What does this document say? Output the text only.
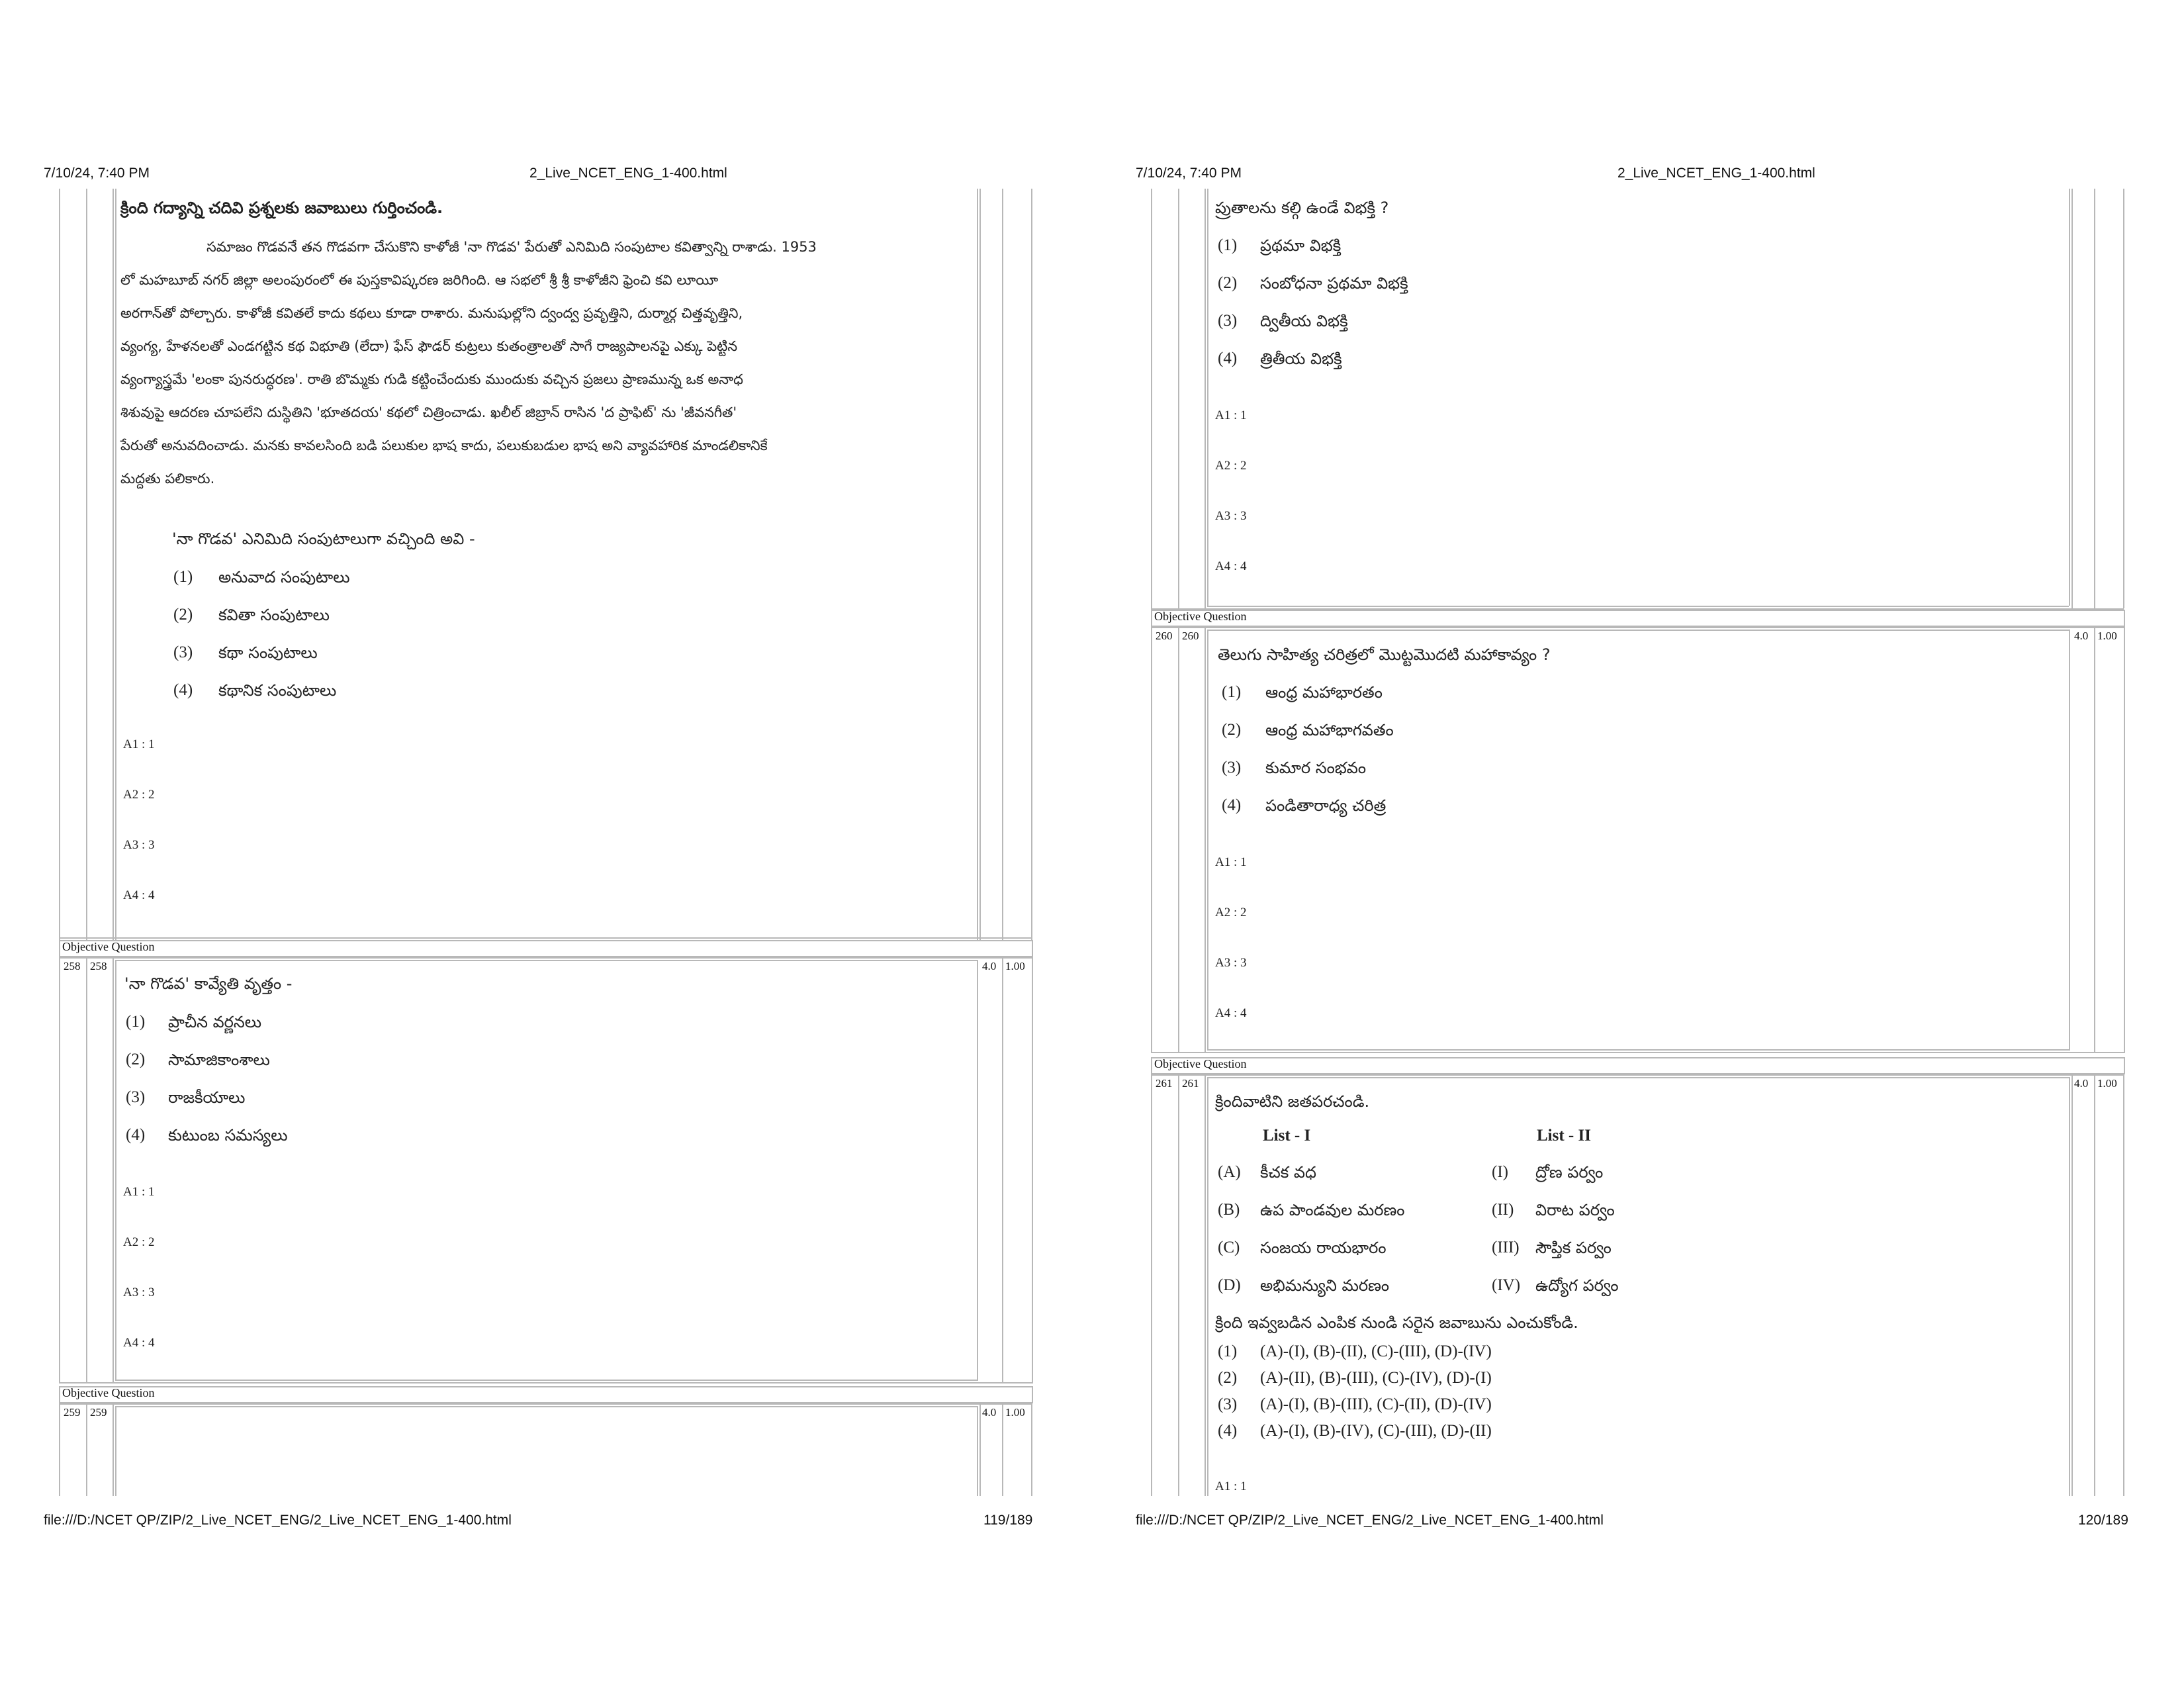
7/10/24, 7:40 PM	2_Live_NCET_ENG_1-400.html
క్రింది గద్యాన్ని చదివి ప్రశ్నలకు జవాబులు గుర్తించండి.

సమాజం గొడవనే తన గొడవగా చేసుకొని కాళోజీ 'నా గొడవ' పేరుతో ఎనిమిది సంపుటాల కవిత్వాన్ని రాశాడు. 1953

లో మహబూబ్ నగర్ జిల్లా అలంపురంలో ఈ పుస్తకావిష్కరణ జరిగింది. ఆ సభలో శ్రీ శ్రీ కాళోజీని ఫ్రెంచి కవి లూయీ

అరగాన్‌తో పోల్చారు. కాళోజీ కవితలే కాదు కథలు కూడా రాశారు. మనుషుల్లోని ద్వంద్వ ప్రవృత్తిని, దుర్మార్గ చిత్తవృత్తిని,

వ్యంగ్య, హేళనలతో ఎండగట్టిన కథ విభూతి (లేదా) ఫేస్ ఫౌడర్ కుట్రలు కుతంత్రాలతో సాగే రాజ్యపాలనపై ఎక్కు పెట్టిన

వ్యంగ్యాస్త్రమే 'లంకా పునరుద్ధరణ'. రాతి బొమ్మకు గుడి కట్టించేందుకు ముందుకు వచ్చిన ప్రజలు ప్రాణమున్న ఒక అనాధ

శిశువుపై ఆదరణ చూపలేని దుస్థితిని 'భూతదయ' కథలో చిత్రించాడు. ఖలీల్ జిబ్రాన్ రాసిన 'ద ప్రాఫిట్' ను 'జీవనగీత'

పేరుతో అనువదించాడు. మనకు కావలసింది బడి పలుకుల భాష కాదు, పలుకుబడుల భాష అని వ్యావహారిక మాండలికానికే

మద్దతు పలికారు.

'నా గొడవ' ఎనిమిది సంపుటాలుగా వచ్చింది అవి -
(1) అనువాద సంపుటాలు
(2) కవితా సంపుటాలు
(3) కథా సంపుటాలు
(4) కథానిక సంపుటాలు
A1 : 1
A2 : 2
A3 : 3
A4 : 4
Objective Question
258 258	4.0 1.00
'నా గొడవ' కావ్యేతి వృత్తం -
(1) ప్రాచీన వర్ణనలు
(2) సామాజికాంశాలు
(3) రాజకీయాలు
(4) కుటుంబ సమస్యలు
A1 : 1
A2 : 2
A3 : 3
A4 : 4
Objective Question
259 259	4.0 1.00
file:///D:/NCET QP/ZIP/2_Live_NCET_ENG/2_Live_NCET_ENG_1-400.html	119/189
7/10/24, 7:40 PM	2_Live_NCET_ENG_1-400.html
ప్రుతాలను కల్గి ఉండే విభక్తి ?
(1) ప్రథమా విభక్తి
(2) సంబోధనా ప్రథమా విభక్తి
(3) ద్వితీయ విభక్తి
(4) త్రితీయ విభక్తి
A1 : 1
A2 : 2
A3 : 3
A4 : 4
Objective Question
260 260	4.0 1.00
తెలుగు సాహిత్య చరిత్రలో మొట్టమొదటి మహాకావ్యం ?
(1) ఆంధ్ర మహాభారతం
(2) ఆంధ్ర మహాభాగవతం
(3) కుమార సంభవం
(4) పండితారాధ్య చరిత్ర
A1 : 1
A2 : 2
A3 : 3
A4 : 4
Objective Question
261 261	4.0 1.00
క్రిందివాటిని జతపరచండి.
List - I	List - II
(A) కీచక వధ	(I) ద్రోణ పర్వం
(B) ఉప పాండవుల మరణం	(II) విరాట పర్వం
(C) సంజయ రాయభారం	(III) సౌప్తిక పర్వం
(D) అభిమన్యుని మరణం	(IV) ఉద్యోగ పర్వం
క్రింది ఇవ్వబడిన ఎంపిక నుండి సరైన జవాబును ఎంచుకోండి.
(1) (A)-(I), (B)-(II), (C)-(III), (D)-(IV)
(2) (A)-(II), (B)-(III), (C)-(IV), (D)-(I)
(3) (A)-(I), (B)-(III), (C)-(II), (D)-(IV)
(4) (A)-(I), (B)-(IV), (C)-(III), (D)-(II)
A1 : 1
file:///D:/NCET QP/ZIP/2_Live_NCET_ENG/2_Live_NCET_ENG_1-400.html	120/189
